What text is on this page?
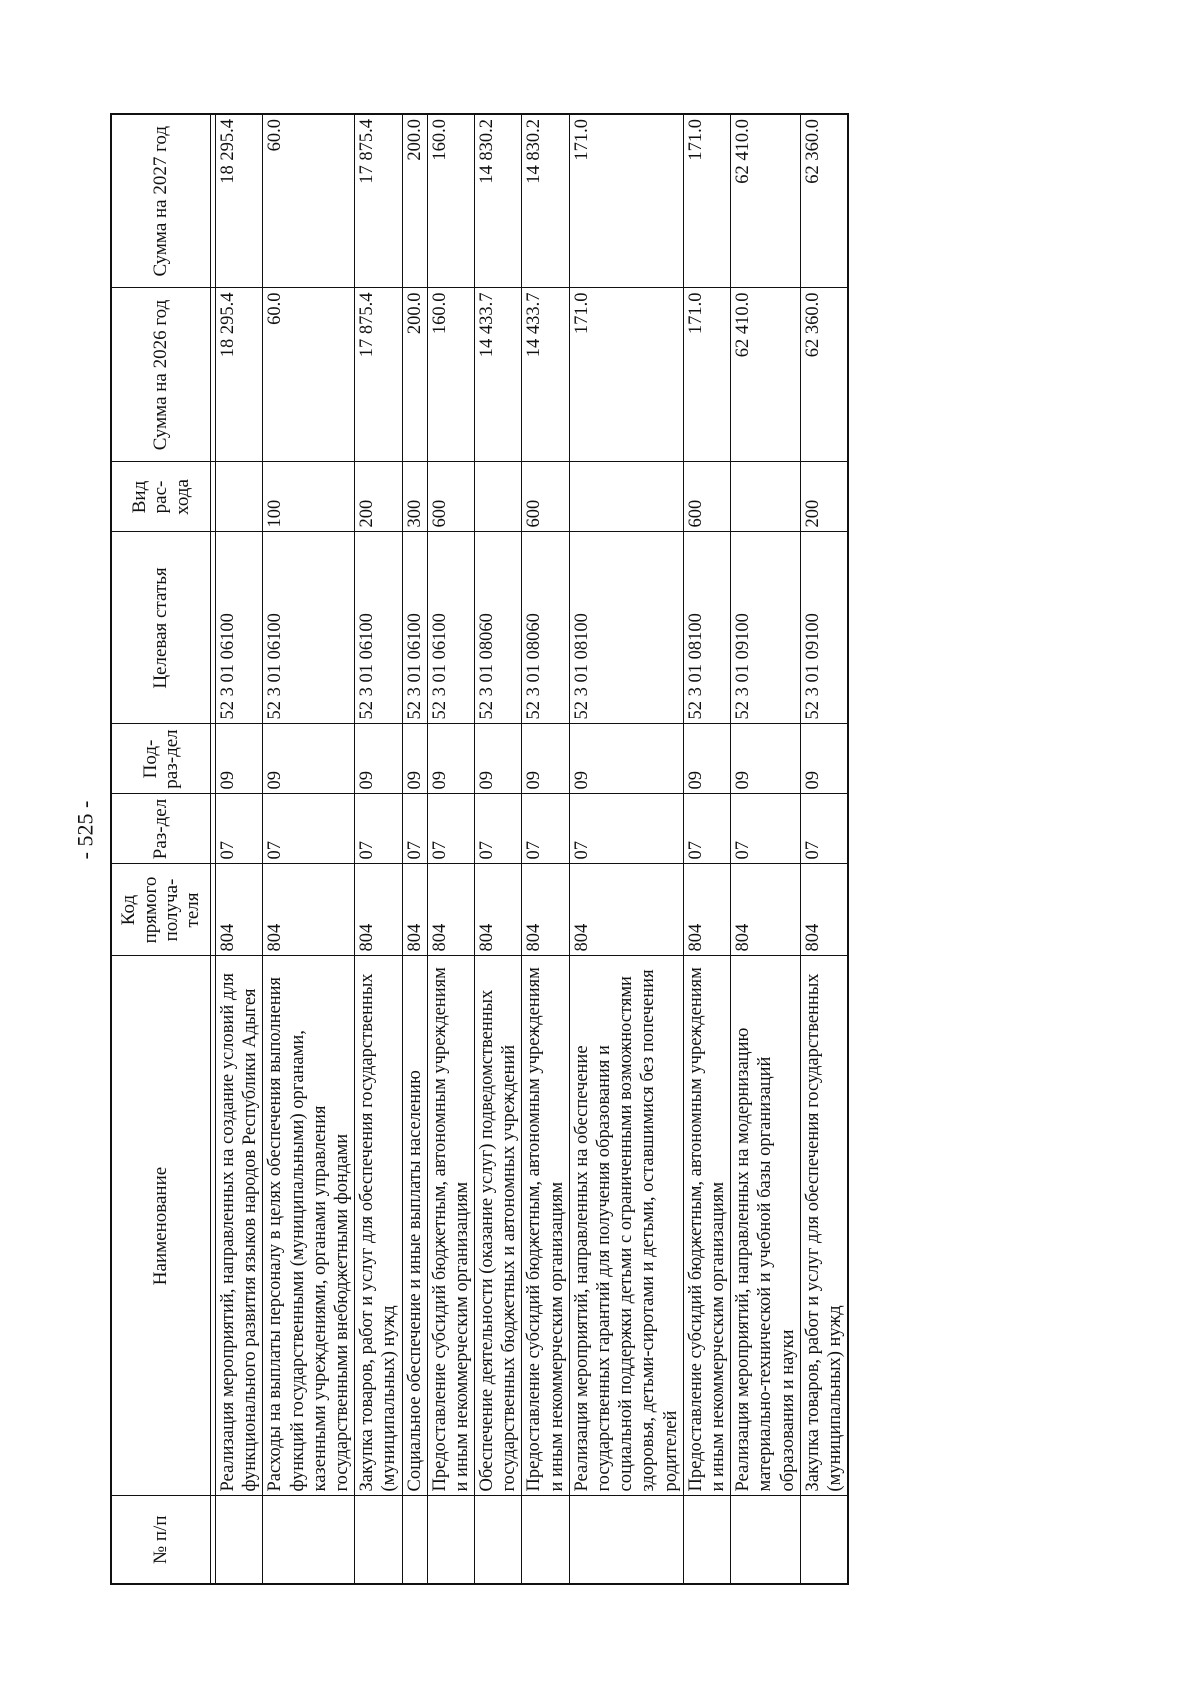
- 525 -
№ п/п	Наименование	Код прямого получа-теля	Раз-дел	Под-раз-дел	Целевая статья	Вид рас-хода	Сумма на 2026 год	Сумма на 2027 год

	Реализация мероприятий, направленных на создание условий для функционального развития языков народов Республики Адыгея	804	07	09	52 3 01 06100		18 295.4	18 295.4
	Расходы на выплаты персоналу в целях обеспечения выполнения функций государственными (муниципальными) органами, казенными учреждениями, органами управления государственными внебюджетными фондами	804	07	09	52 3 01 06100	100	60.0	60.0
	Закупка товаров, работ и услуг для обеспечения государственных (муниципальных) нужд	804	07	09	52 3 01 06100	200	17 875.4	17 875.4
	Социальное обеспечение и иные выплаты населению	804	07	09	52 3 01 06100	300	200.0	200.0
	Предоставление субсидий бюджетным, автономным учреждениям и иным некоммерческим организациям	804	07	09	52 3 01 06100	600	160.0	160.0
	Обеспечение деятельности (оказание услуг) подведомственных государственных бюджетных и автономных учреждений	804	07	09	52 3 01 08060		14 433.7	14 830.2
	Предоставление субсидий бюджетным, автономным учреждениям и иным некоммерческим организациям	804	07	09	52 3 01 08060	600	14 433.7	14 830.2
	Реализация мероприятий, направленных на обеспечение государственных гарантий для получения образования и социальной поддержки детьми с ограниченными возможностями здоровья, детьми-сиротами и детьми, оставшимися без попечения родителей	804	07	09	52 3 01 08100		171.0	171.0
	Предоставление субсидий бюджетным, автономным учреждениям и иным некоммерческим организациям	804	07	09	52 3 01 08100	600	171.0	171.0
	Реализация мероприятий, направленных на модернизацию материально-технической и учебной базы организаций образования и науки	804	07	09	52 3 01 09100		62 410.0	62 410.0
	Закупка товаров, работ и услуг для обеспечения государственных (муниципальных) нужд	804	07	09	52 3 01 09100	200	62 360.0	62 360.0
